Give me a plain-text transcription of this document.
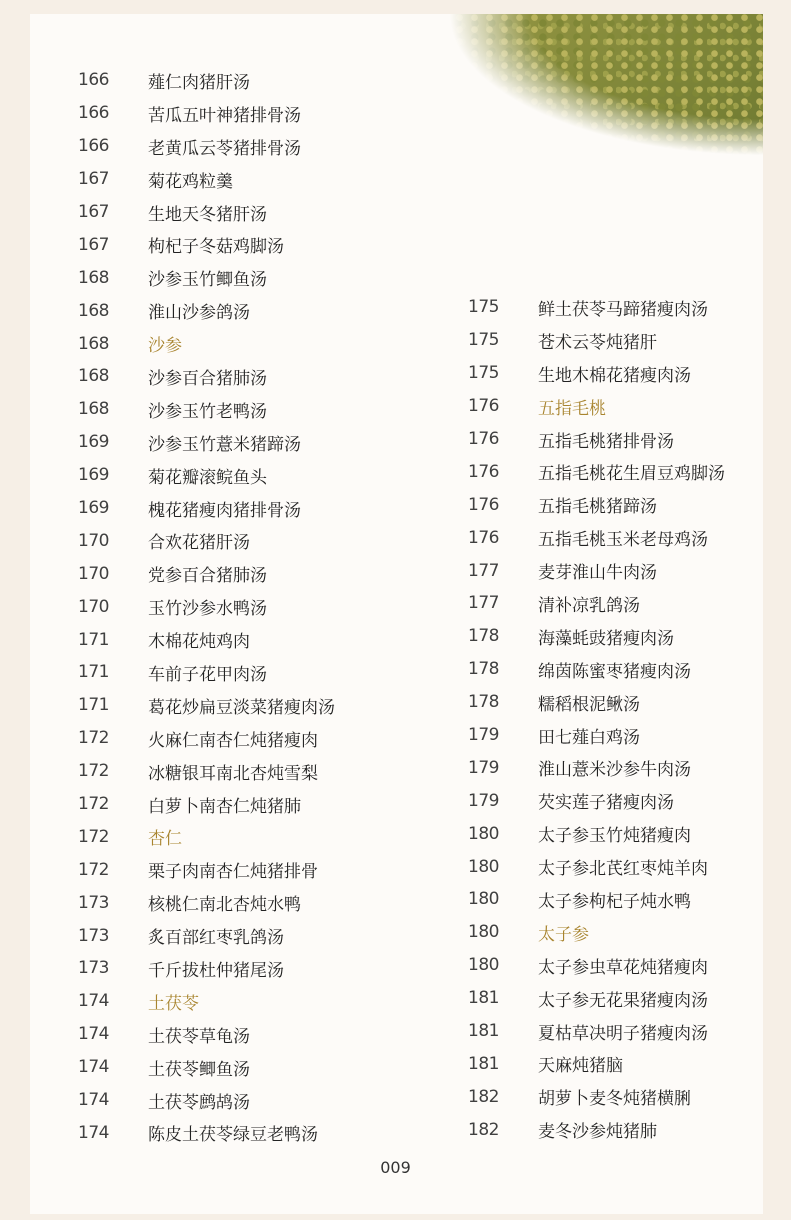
166	薤仁肉猪肝汤
166	苦瓜五叶神猪排骨汤
166	老黄瓜云苓猪排骨汤
167	菊花鸡粒羹
167	生地天冬猪肝汤
167	枸杞子冬菇鸡脚汤
168	沙参玉竹鲫鱼汤
168	淮山沙参鸽汤
168	沙参
168	沙参百合猪肺汤
168	沙参玉竹老鸭汤
169	沙参玉竹薏米猪蹄汤
169	菊花瓣滚鲩鱼头
169	槐花猪瘦肉猪排骨汤
170	合欢花猪肝汤
170	党参百合猪肺汤
170	玉竹沙参水鸭汤
171	木棉花炖鸡肉
171	车前子花甲肉汤
171	葛花炒扁豆淡菜猪瘦肉汤
172	火麻仁南杏仁炖猪瘦肉
172	冰糖银耳南北杏炖雪梨
172	白萝卜南杏仁炖猪肺
172	杏仁
172	栗子肉南杏仁炖猪排骨
173	核桃仁南北杏炖水鸭
173	炙百部红枣乳鸽汤
173	千斤拔杜仲猪尾汤
174	土茯苓
174	土茯苓草龟汤
174	土茯苓鲫鱼汤
174	土茯苓鹧鸪汤
174	陈皮土茯苓绿豆老鸭汤
175	鲜土茯苓马蹄猪瘦肉汤
175	苍术云苓炖猪肝
175	生地木棉花猪瘦肉汤
176	五指毛桃
176	五指毛桃猪排骨汤
176	五指毛桃花生眉豆鸡脚汤
176	五指毛桃猪蹄汤
176	五指毛桃玉米老母鸡汤
177	麦芽淮山牛肉汤
177	清补凉乳鸽汤
178	海藻蚝豉猪瘦肉汤
178	绵茵陈蜜枣猪瘦肉汤
178	糯稻根泥鳅汤
179	田七薤白鸡汤
179	淮山薏米沙参牛肉汤
179	芡实莲子猪瘦肉汤
180	太子参玉竹炖猪瘦肉
180	太子参北芪红枣炖羊肉
180	太子参枸杞子炖水鸭
180	太子参
180	太子参虫草花炖猪瘦肉
181	太子参无花果猪瘦肉汤
181	夏枯草决明子猪瘦肉汤
181	天麻炖猪脑
182	胡萝卜麦冬炖猪横脷
182	麦冬沙参炖猪肺
009
